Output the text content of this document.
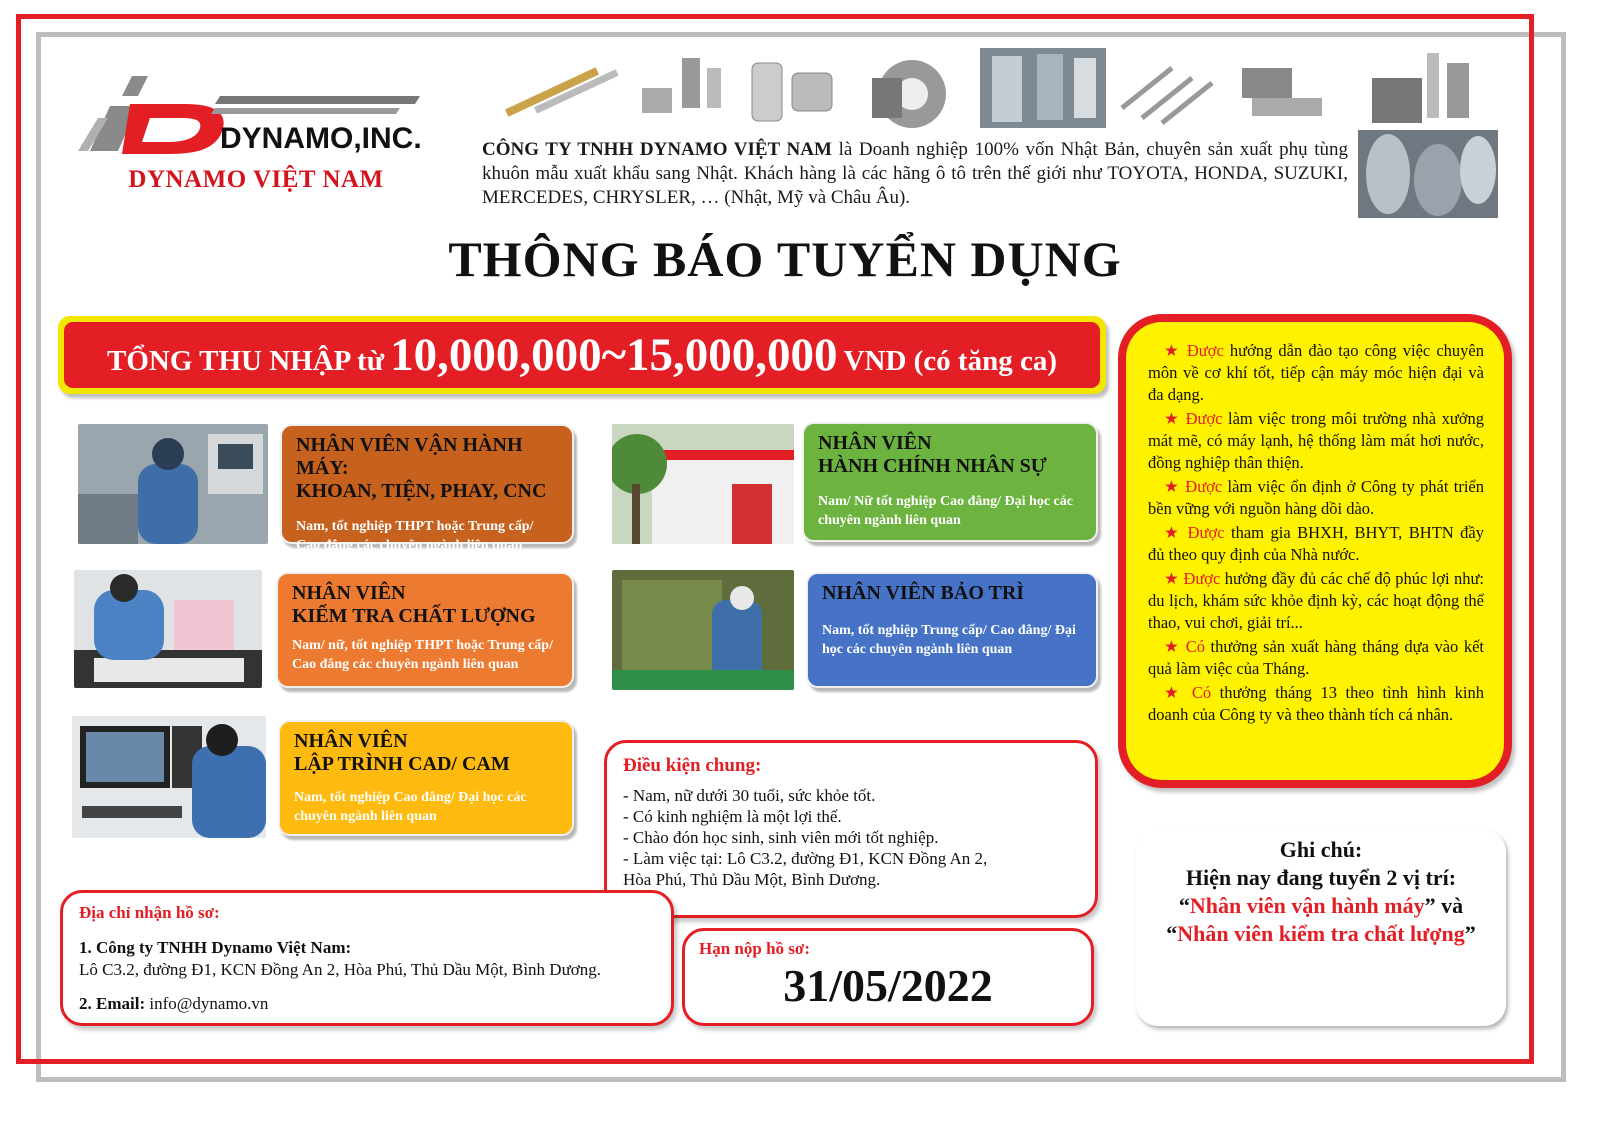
DYNAMO,INC.
DYNAMO VIỆT NAM
CÔNG TY TNHH DYNAMO VIỆT NAM là Doanh nghiệp 100% vốn Nhật Bản, chuyên sản xuất phụ tùng khuôn mẫu xuất khẩu sang Nhật. Khách hàng là các hãng ô tô trên thế giới như TOYOTA, HONDA, SUZUKI, MERCEDES, CHRYSLER, … (Nhật, Mỹ và Châu Âu).
THÔNG BÁO TUYỂN DỤNG
TỔNG THU NHẬP từ 10,000,000~15,000,000 VND (có tăng ca)
NHÂN VIÊN VẬN HÀNH MÁY:
KHOAN, TIỆN, PHAY, CNC
Nam, tốt nghiệp THPT hoặc Trung cấp/ Cao đẳng các chuyên ngành liên quan
NHÂN VIÊN
HÀNH CHÍNH NHÂN SỰ
Nam/ Nữ tốt nghiệp Cao đẳng/ Đại học các chuyên ngành liên quan
NHÂN VIÊN
KIỂM TRA CHẤT LƯỢNG
Nam/ nữ, tốt nghiệp THPT hoặc Trung cấp/ Cao đẳng các chuyên ngành liên quan
NHÂN VIÊN BẢO TRÌ
Nam, tốt nghiệp Trung cấp/ Cao đẳng/ Đại học các chuyên ngành liên quan
NHÂN VIÊN
LẬP TRÌNH CAD/ CAM
Nam, tốt nghiệp Cao đẳng/ Đại học các chuyên ngành liên quan
★ Được hướng dẫn đào tạo công việc chuyên môn về cơ khí tốt, tiếp cận máy móc hiện đại và đa dạng.
★ Được làm việc trong môi trường nhà xưởng mát mẽ, có máy lạnh, hệ thống làm mát hơi nước, đồng nghiệp thân thiện.
★ Được làm việc ổn định ở Công ty phát triển bền vững với nguồn hàng dồi dào.
★ Được tham gia BHXH, BHYT, BHTN đầy đủ theo quy định của Nhà nước.
★ Được hưởng đầy đủ các chế độ phúc lợi như: du lịch, khám sức khỏe định kỳ, các hoạt động thể thao, vui chơi, giải trí...
★ Có thưởng sản xuất hàng tháng dựa vào kết quả làm việc của Tháng.
★ Có thưởng tháng 13 theo tình hình kinh doanh của Công ty và theo thành tích cá nhân.
Điều kiện chung:
- Nam, nữ dưới 30 tuổi, sức khỏe tốt.
- Có kinh nghiệm là một lợi thế.
- Chào đón học sinh, sinh viên mới tốt nghiệp.
- Làm việc tại: Lô C3.2, đường Đ1, KCN Đồng An 2,
Hòa Phú, Thủ Dầu Một, Bình Dương.
Địa chỉ nhận hồ sơ:
1. Công ty TNHH Dynamo Việt Nam:
Lô C3.2, đường Đ1, KCN Đồng An 2, Hòa Phú, Thủ Dầu Một, Bình Dương.
2. Email: info@dynamo.vn
Hạn nộp hồ sơ:
31/05/2022
Ghi chú:
Hiện nay đang tuyển 2 vị trí:
“Nhân viên vận hành máy” và
“Nhân viên kiểm tra chất lượng”
